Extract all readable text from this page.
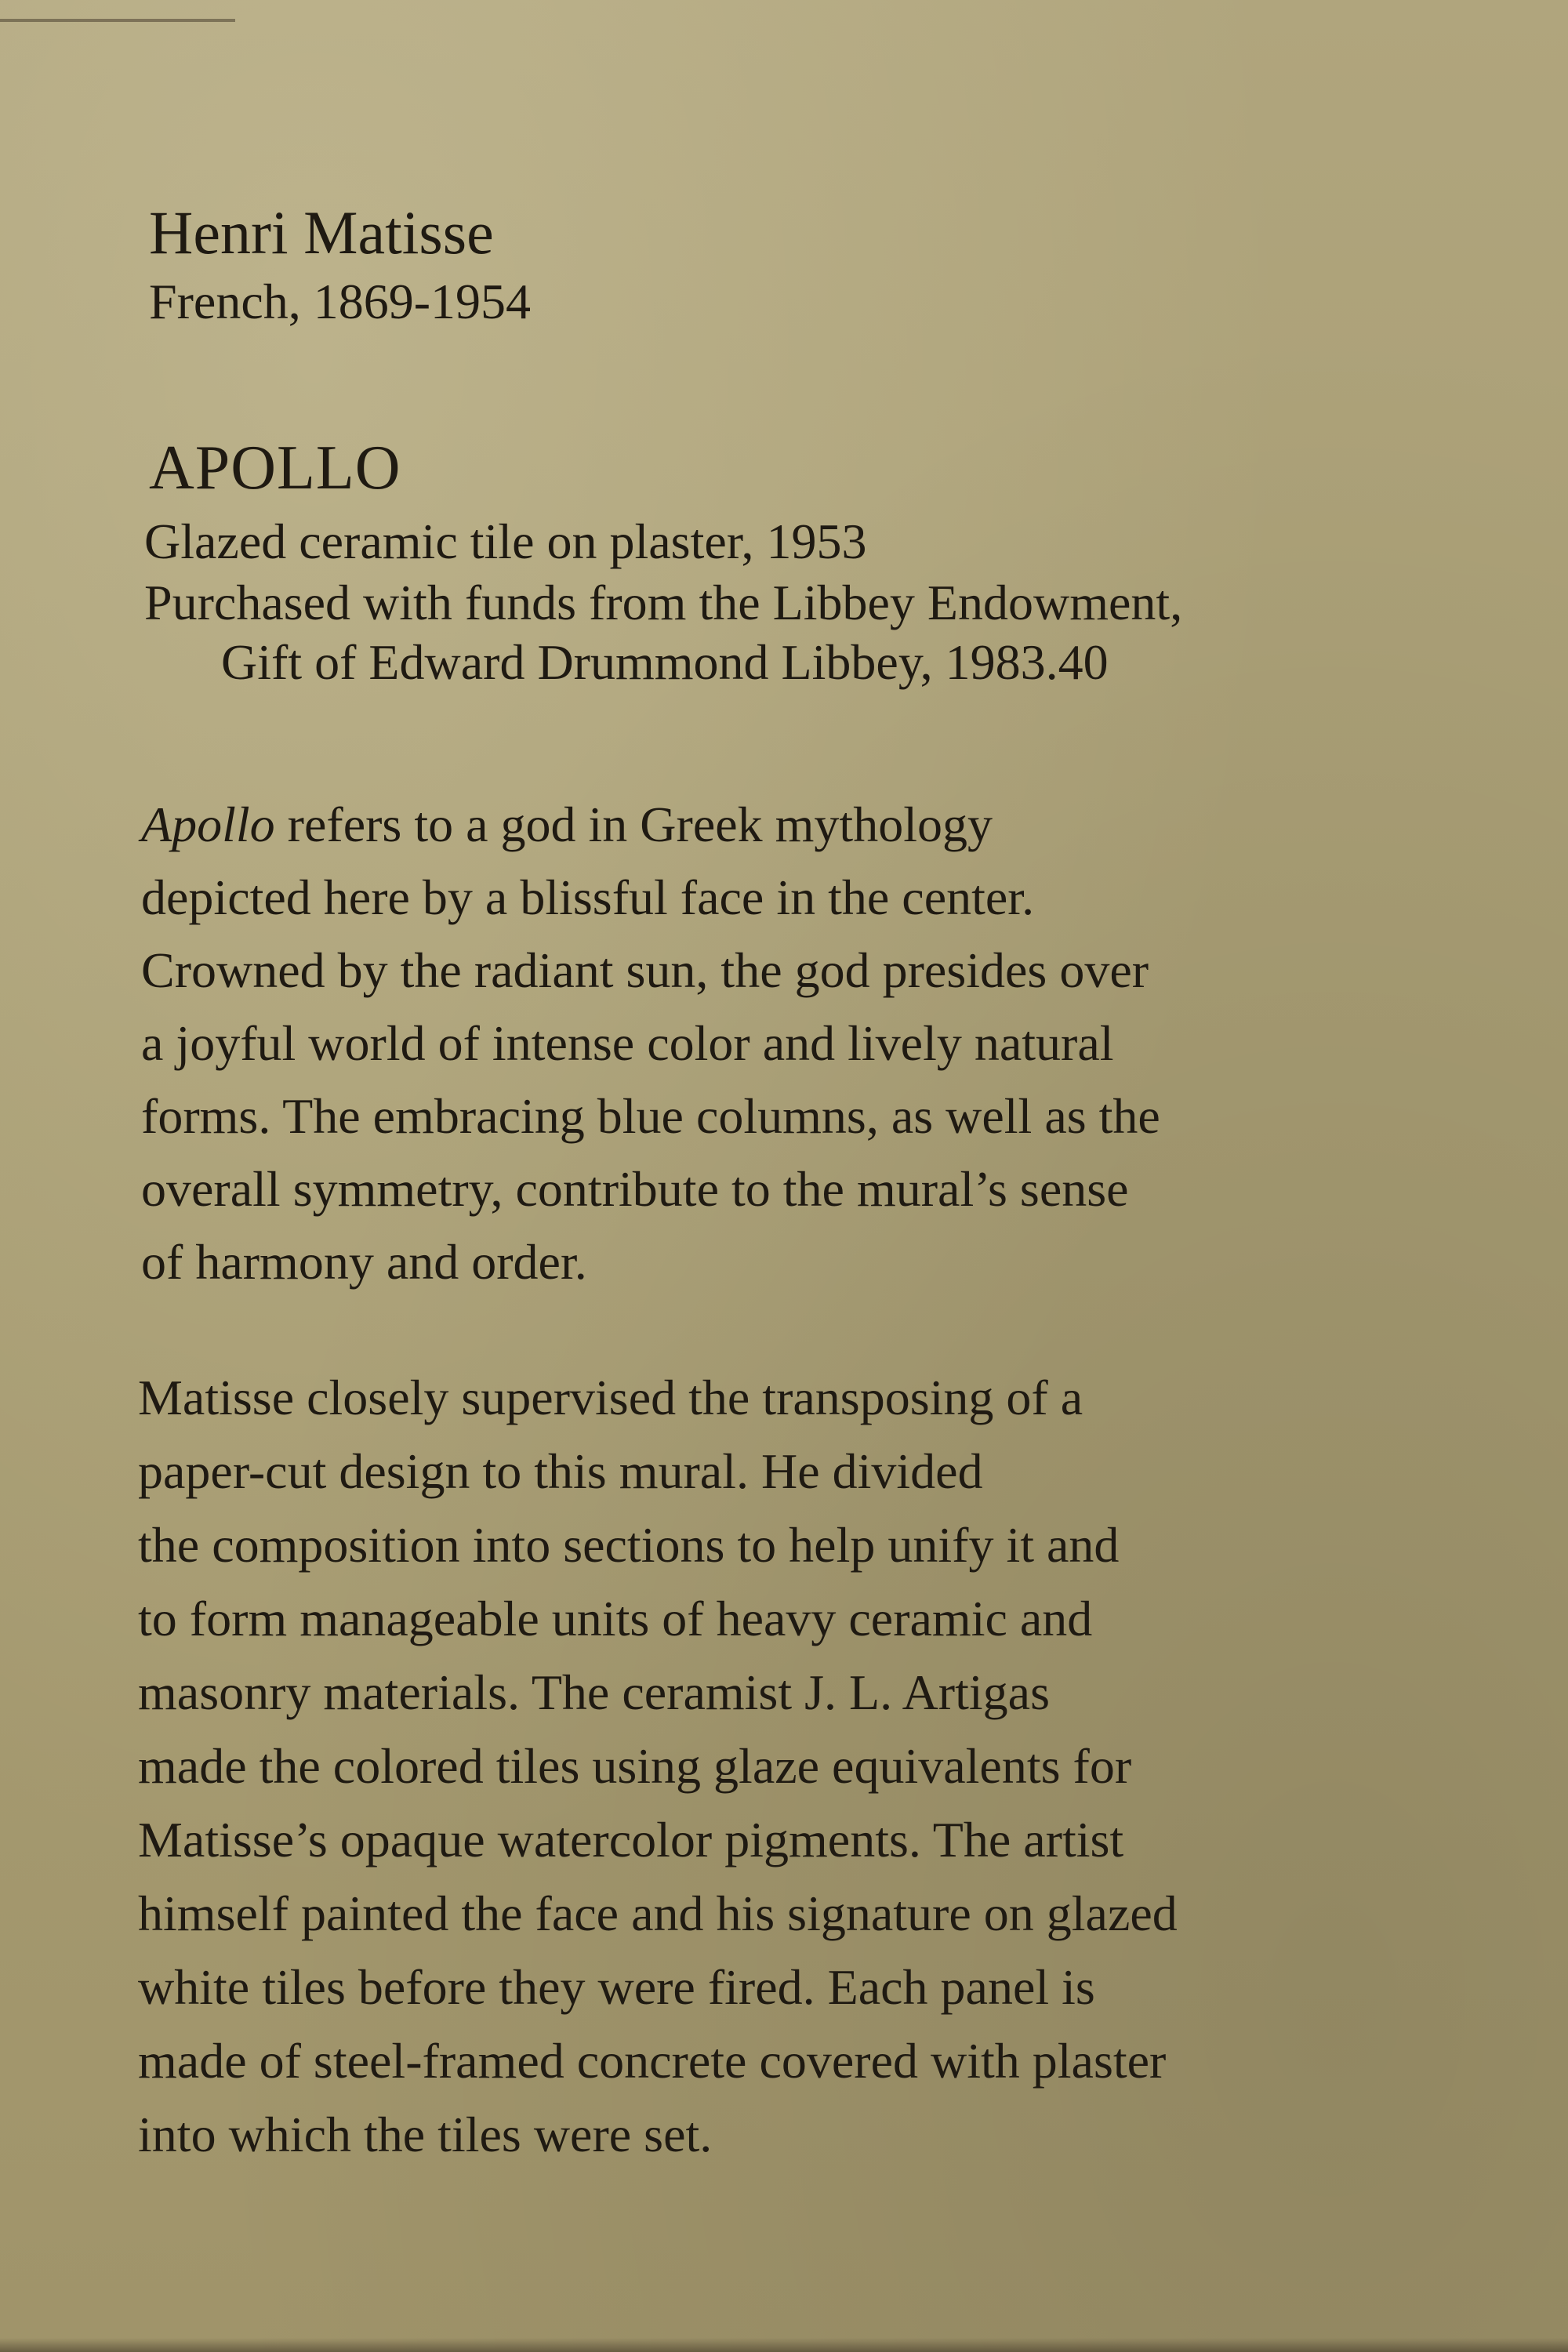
Henri Matisse
French, 1869-1954
APOLLO
Glazed ceramic tile on plaster, 1953
Purchased with funds from the Libbey Endowment,
Gift of Edward Drummond Libbey, 1983.40

Apollo refers to a god in Greek mythology
depicted here by a blissful face in the center.
Crowned by the radiant sun, the god presides over
a joyful world of intense color and lively natural
forms. The embracing blue columns, as well as the
overall symmetry, contribute to the mural’s sense
of harmony and order.

Matisse closely supervised the transposing of a
paper-cut design to this mural. He divided
the composition into sections to help unify it and
to form manageable units of heavy ceramic and
masonry materials. The ceramist J. L. Artigas
made the colored tiles using glaze equivalents for
Matisse’s opaque watercolor pigments. The artist
himself painted the face and his signature on glazed
white tiles before they were fired. Each panel is
made of steel-framed concrete covered with plaster
into which the tiles were set.
